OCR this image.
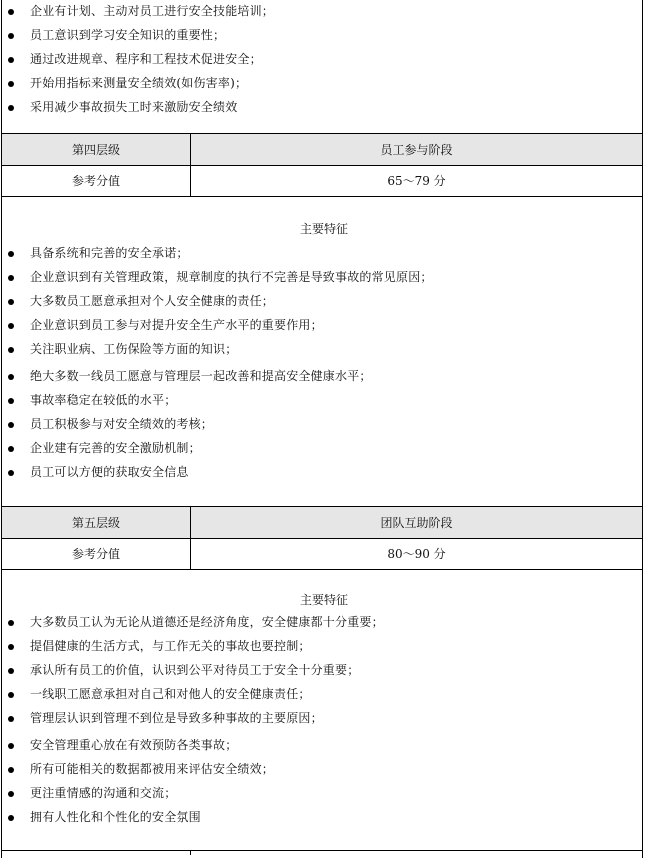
企业有计划、主动对员工进行安全技能培训；
员工意识到学习安全知识的重要性；
通过改进规章、程序和工程技术促进安全；
开始用指标来测量安全绩效(如伤害率)；
采用减少事故损失工时来激励安全绩效
第四层级	员工参与阶段
参考分值	65～79 分
主要特征
具备系统和完善的安全承诺；
企业意识到有关管理政策，规章制度的执行不完善是导致事故的常见原因；
大多数员工愿意承担对个人安全健康的责任；
企业意识到员工参与对提升安全生产水平的重要作用；
关注职业病、工伤保险等方面的知识；
绝大多数一线员工愿意与管理层一起改善和提高安全健康水平；
事故率稳定在较低的水平；
员工积极参与对安全绩效的考核；
企业建有完善的安全激励机制；
员工可以方便的获取安全信息
第五层级	团队互助阶段
参考分值	80～90 分
主要特征
大多数员工认为无论从道德还是经济角度，安全健康都十分重要；
提倡健康的生活方式，与工作无关的事故也要控制；
承认所有员工的价值，认识到公平对待员工于安全十分重要；
一线职工愿意承担对自己和对他人的安全健康责任；
管理层认识到管理不到位是导致多种事故的主要原因；
安全管理重心放在有效预防各类事故；
所有可能相关的数据都被用来评估安全绩效；
更注重情感的沟通和交流；
拥有人性化和个性化的安全氛围
